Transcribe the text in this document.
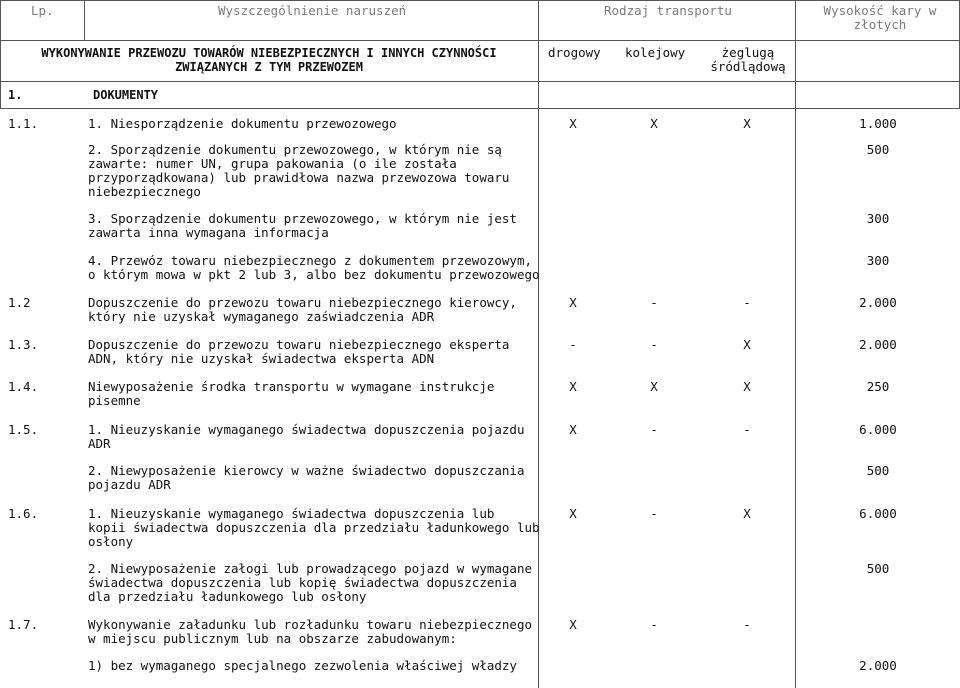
Lp.	Wyszczególnienie naruszeń	Rodzaj transportu	Wysokość kary w
złotych
WYKONYWANIE PRZEWOZU TOWARÓW NIEBEZPIECZNYCH I INNYCH CZYNNOŚCI
ZWIĄZANYCH Z TYM PRZEWOZEM
drogowy kolejowy	żeglugą
śródlądową
1.	DOKUMENTY
1.1.	1. Niesporządzenie dokumentu przewozowego	X	X	X	1.000
2. Sporządzenie dokumentu przewozowego, w którym nie są
zawarte: numer UN, grupa pakowania (o ile została
przyporządkowana) lub prawidłowa nazwa przewozowa towaru
niebezpiecznego
500
3. Sporządzenie dokumentu przewozowego, w którym nie jest
zawarta inna wymagana informacja
300
4. Przewóz towaru niebezpiecznego z dokumentem przewozowym,
o którym mowa w pkt 2 lub 3, albo bez dokumentu przewozowego
300
1.2	Dopuszczenie do przewozu towaru niebezpiecznego kierowcy,
który nie uzyskał wymaganego zaświadczenia ADR
X	-	-	2.000
1.3.	Dopuszczenie do przewozu towaru niebezpiecznego eksperta
ADN, który nie uzyskał świadectwa eksperta ADN
-	-	X	2.000
1.4.	Niewyposażenie środka transportu w wymagane instrukcje
pisemne
X	X	X	250
1.5.	1. Nieuzyskanie wymaganego świadectwa dopuszczenia pojazdu
ADR
X	-	-	6.000
2. Niewyposażenie kierowcy w ważne świadectwo dopuszczania
pojazdu ADR
500
1.6.	1. Nieuzyskanie wymaganego świadectwa dopuszczenia lub
kopii świadectwa dopuszczenia dla przedziału ładunkowego lub
osłony
X	-	X	6.000
2. Niewyposażenie załogi lub prowadzącego pojazd w wymagane
świadectwa dopuszczenia lub kopię świadectwa dopuszczenia
dla przedziału ładunkowego lub osłony
500
1.7.	Wykonywanie załadunku lub rozładunku towaru niebezpiecznego
w miejscu publicznym lub na obszarze zabudowanym:
X	-	-
1) bez wymaganego specjalnego zezwolenia właściwej władzy	2.000
